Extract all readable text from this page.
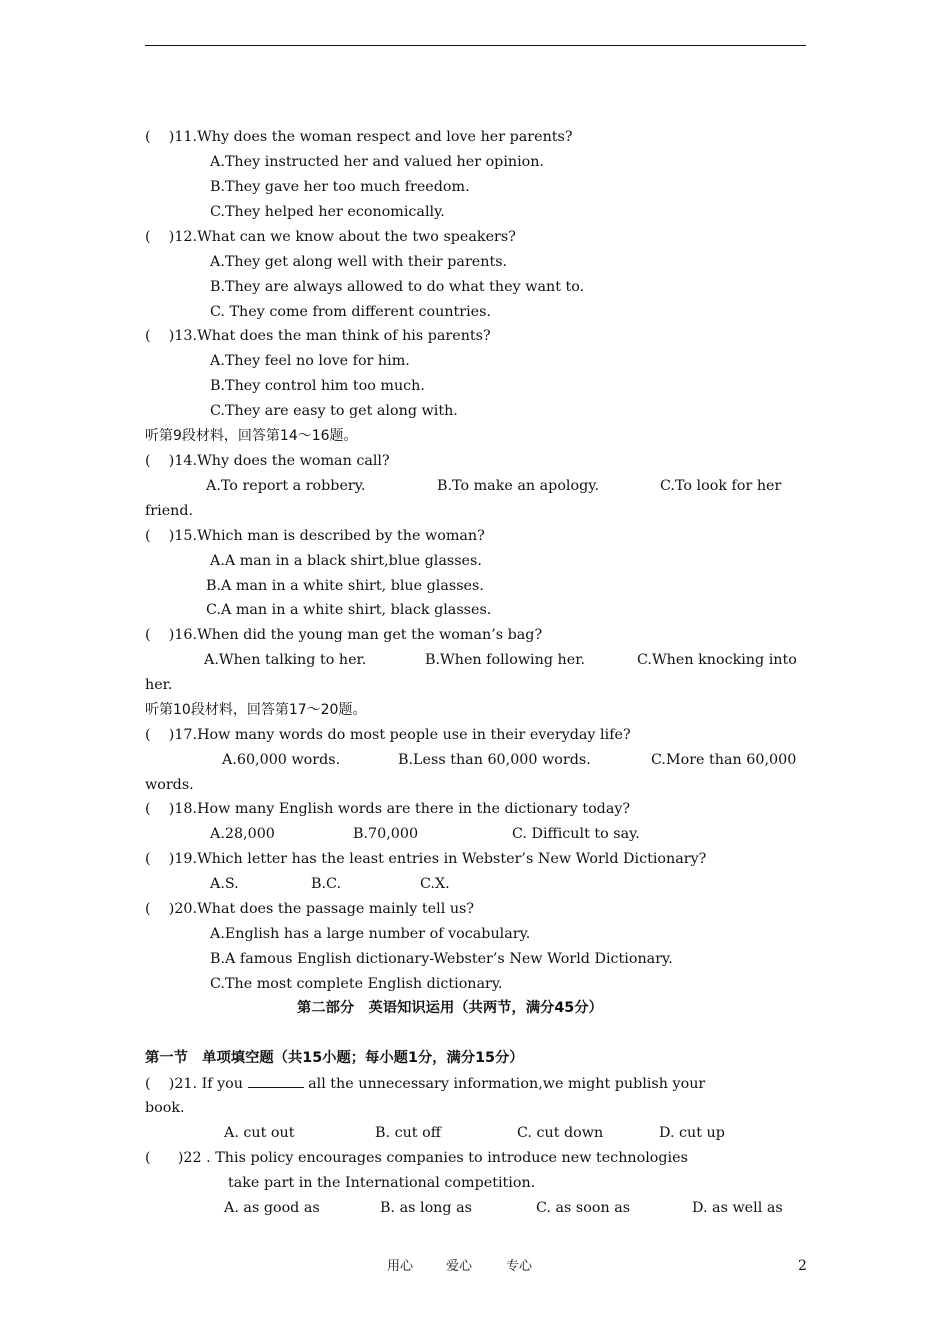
(    )11.Why does the woman respect and love her parents?
A.They instructed her and valued her opinion.
B.They gave her too much freedom.
C.They helped her economically.
(    )12.What can we know about the two speakers?
A.They get along well with their parents.
B.They are always allowed to do what they want to.
C. They come from different countries.
(    )13.What does the man think of his parents?
A.They feel no love for him.
B.They control him too much.
C.They are easy to get along with.
听第9段材料，回答第14～16题。
(    )14.Why does the woman call?
A.To report a robbery.	B.To make an apology.	C.To look for her
friend.
(    )15.Which man is described by the woman?
A.A man in a black shirt,blue glasses.
B.A man in a white shirt, blue glasses.
C.A man in a white shirt, black glasses.
(    )16.When did the young man get the woman’s bag?
A.When talking to her.	B.When following her.	C.When knocking into
her.
听第10段材料，回答第17～20题。
(    )17.How many words do most people use in their everyday life?
A.60,000 words.	B.Less than 60,000 words.	C.More than 60,000
words.
(    )18.How many English words are there in the dictionary today?
A.28,000	B.70,000	C. Difficult to say.
(    )19.Which letter has the least entries in Webster’s New World Dictionary?
A.S.	B.C.	C.X.
(    )20.What does the passage mainly tell us?
A.English has a large number of vocabulary.
B.A famous English dictionary-Webster’s New World Dictionary.
C.The most complete English dictionary.
第二部分　英语知识运用（共两节，满分45分）
第一节　单项填空题（共15小题；每小题1分，满分15分）
(    )21. If you	all the unnecessary information,we might publish your
book.
A. cut out	B. cut off	C. cut down	D. cut up
(      )22 . This policy encourages companies to introduce new technologies
take part in the International competition.
A. as good as	B. as long as	C. as soon as	D. as well as
用心	爱心	专心	2
